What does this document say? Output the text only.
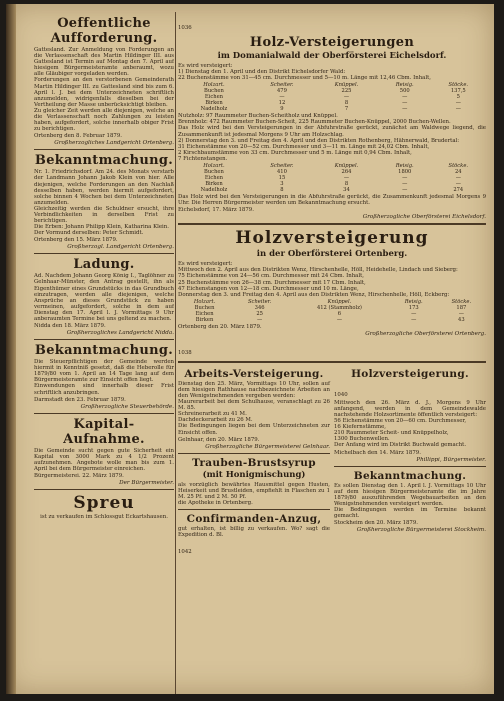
Oeffentliche Aufforderung.

Gattesland. Zur Anmeldung von Forderungen an die Verlassenschaft des Martin Hildinger III. aus Gattesland ist Termin auf Montag den 7. April auf hiesigem Bürgermeisteramte anberaumt, wozu alle Gläubiger vorgeladen werden.

Forderungen an den verstorbenen Gemeinderath Martin Hildinger III. zu Gattesland sind bis zum 6. April l. J. bei dem Unterzeichneten schriftlich anzumelden, widrigenfalls dieselben bei der Vertheilung der Masse unberücksichtigt bleiben.

Zu gleicher Zeit werden alle diejenigen, welche an die Verlassenschaft noch Zahlungen zu leisten haben, aufgefordert, solche innerhalb obiger Frist zu berichtigen.

Ortenberg den 8. Februar 1879.

Großherzogliches Landgericht Ortenberg.
Bekanntmachung.

Nr. 1. Friedrichsdorf. Am 24. des Monats verstarb der Landmann Johann Jakob Klein von hier. Alle diejenigen, welche Forderungen an den Nachlaß desselben haben, werden hiermit aufgefordert, solche binnen 4 Wochen bei dem Unterzeichneten anzumelden.

Gleichzeitig werden die Schuldner ersucht, ihre Verbindlichkeiten in derselben Frist zu berichtigen.

Die Erben: Johann Philipp Klein, Katharina Klein.

Der Vormund derselben: Peter Schmidt.

Ortenberg den 15. März 1879.

Großherzogl. Landgericht Ortenberg.
Ladung.

Ad. Nachdem Johann Georg König I., Taglöhner zu Gelnhaar-Münster, den Antrag gestellt, ihn als Eigenthümer eines Grundstücks in das Grundbuch einzutragen, werden alle diejenigen, welche Ansprüche an dieses Grundstück zu haben vermeinen, aufgefordert, solche in dem auf Dienstag den 17. April l. J. Vormittags 9 Uhr anberaumten Termine bei uns geltend zu machen.

Nidda den 18. März 1879.

Großherzogliches Landgericht Nidda.
Bekanntmachung.

Die Steuerpflichtigen der Gemeinde werden hiermit in Kenntniß gesetzt, daß die Heberolle für 1879/80 vom 1. April an 14 Tage lang auf dem Bürgermeisteramte zur Einsicht offen liegt.

Einwendungen sind innerhalb dieser Frist schriftlich anzubringen.

Darmstadt den 23. Februar 1879.

Großherzogliche Steuerbehörde.
Kapital-Aufnahme.

Die Gemeinde sucht gegen gute Sicherheit ein Kapital von 3000 Mark zu 4 1/2 Prozent aufzunehmen. Angebote wolle man bis zum 1. April bei dem Bürgermeister einreichen.

Bürgermeisterei. 22. März 1879.

Der Bürgermeister.
Spreu

ist zu verkaufen im Schlossgut Eckartshausen.

1036
Holz-Versteigerungen
im Domanialwald der Oberförsterei Eichelsdorf.

Es wird versteigert:

1) Dienstag den 1. April und den Distrikt Eichelsdorfer Wald:

22 Buchenstämme von 31—45 cm. Durchmesser und 5—10 m. Länge mit 12,46 Cbm. Inhalt,

Holzart.	Scheiter.	Knüppel.	Reisig.	Stöcke.
Buchen	479	225	500	137,5
Eichen	—	—	—	5
Birken	12	8	—	—
Nadelholz	9	7	—	—

Nutzholz: 97 Raummeter Buchen-Scheitholz und Knüppel.

Brennholz: 472 Raummeter Buchen-Scheit, 225 Raummeter Buchen-Knüppel, 2000 Buchen-Wellen.

Das Holz wird bei den Versteigerungen in der Abfuhrstraße gerückt, zunächst am Waldwege liegend, die Zusammenkunft ist jedesmal Morgens 9 Uhr am Holzschlag.

2) Donnerstag den 3. und Freitag den 4. April und den Distrikten Rothenberg, Hähnerwald, Brudertal:

31 Eichenstämme von 20—52 cm. Durchmesser und 3—11 m. Länge mit 24,02 Cbm. Inhalt,

2 Kirschbaumstämme von 33 cm. Durchmesser und 5 m. Länge mit 0,94 Cbm. Inhalt,

7 Fichtenstangen.

Holzart.	Scheiter.	Knüppel.	Reisig.	Stöcke.
Buchen	410	264	1800	24
Eichen	15	—	—	—
Birken	3	8	—	—
Nadelholz	8	34	—	274

Das Holz wird bei den Versteigerungen in die Abfuhrstraße gerückt, die Zusammenkunft jedesmal Morgens 9 Uhr. Die Herren Bürgermeister werden um Bekanntmachung ersucht.

Eichelsdorf, 17. März 1879.

Großherzogliche Oberförsterei Eichelsdorf.
Holzversteigerung
in der Oberförsterei Ortenberg.

Es wird versteigert:

Mittwoch den 2. April aus den Distrikten Wenz, Hirschenhelle, Höll, Heidehelle, Lindach und Sieberg:

75 Eichenstämme von 24—56 cm. Durchmesser mit 24 Cbm. Inhalt,

25 Buchenstämme von 26—38 cm. Durchmesser mit 17 Cbm. Inhalt,

47 Eichenstangen von 12—18 cm. Durchmesser und 10 m. Länge,

Donnerstag den 3. und Freitag den 4. April aus den Distrikten Wenz, Hirschenhelle, Höll, Eckberg:

Holzart.	Scheiter.	Knüppel.	Reisig.	Stöcke.
Buchen	346	412 (Stammholz)	173	187
Eichen	25	6	—	—
Birken	—	—	—	43

Ortenberg den 20. März 1879.

Großherzogliche Oberförsterei Ortenberg.
1038
Arbeits-Versteigerung.

Dienstag den 25. März, Vormittags 10 Uhr, sollen auf dem hiesigen Rathhause nachbezeichnete Arbeiten an den Wenigstnehmenden vergeben werden:

Maurerarbeit bei dem Schulhause, veranschlagt zu 26 M. 85.

Schreinerarbeit zu 41 M.

Dachdeckerarbeit zu 26 M.

Die Bedingungen liegen bei dem Unterzeichneten zur Einsicht offen.

Gelnhaar, den 20. März 1879.

Großherzogliche Bürgermeisterei Gelnhaar.
Trauben-Brustsyrup
(mit Honigmischung)

als vorzüglich bewährtes Hausmittel gegen Husten, Heiserkeit und Brustleiden, empfiehlt in Flaschen zu 1 M. 25 Pf. und 2 M. 50 Pf.

die Apotheke in Ortenberg.

Confirmanden-Anzug,

gut erhalten, ist billig zu verkaufen. Wo? sagt die Expedition d. Bl.

1042
Holzversteigerung.
1040

Mittwoch den 26. März d. J., Morgens 9 Uhr anfangend, werden in dem Gemeindewalde nachstehende Holzsortimente öffentlich versteigert:

56 Eichenstämme von 20—60 cm. Durchmesser,

16 Kiefernstämme,

210 Raummeter Scheit- und Knüppelholz,

1300 Buchenwellen.

Der Anfang wird im Distrikt Buchwald gemacht.

Michelbach den 14. März 1879.

Phillippi, Bürgermeister.
Bekanntmachung.

Es sollen Dienstag den 1. April l. J. Vormittags 10 Uhr auf dem hiesigen Bürgermeisteramte die im Jahre 1879/80 auszuführenden Wegebauarbeiten an den Wenigstnehmenden versteigert werden.

Die Bedingungen werden im Termine bekannt gemacht.

Stockheim den 20. März 1879.

Großherzogliche Bürgermeisterei Stockheim.
